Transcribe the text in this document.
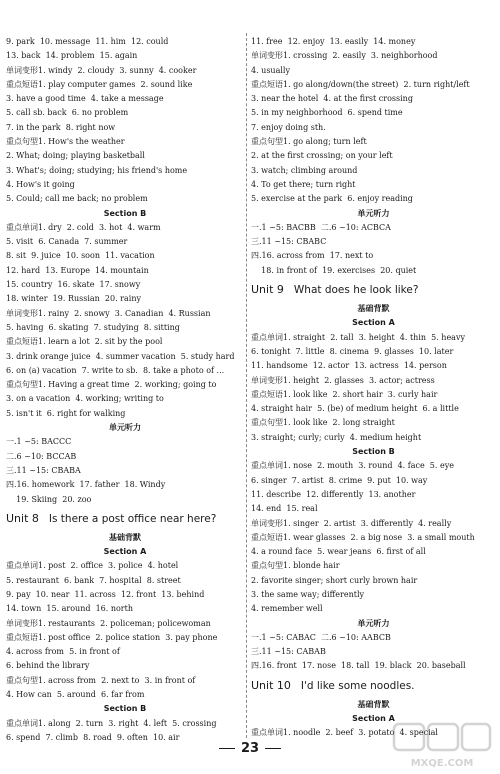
9. park  10. message  11. him  12. could
13. back  14. problem  15. again
单词变形1. windy  2. cloudy  3. sunny  4. cooker
重点短语1. play computer games  2. sound like
3. have a good time  4. take a message
5. call sb. back  6. no problem
7. in the park  8. right now
重点句型1. How's the weather
2. What; doing; playing basketball
3. What's; doing; studying; his friend's home
4. How's it going
5. Could; call me back; no problem
Section B
重点单词1. dry  2. cold  3. hot  4. warm
5. visit  6. Canada  7. summer
8. sit  9. juice  10. soon  11. vacation
12. hard  13. Europe  14. mountain
15. country  16. skate  17. snowy
18. winter  19. Russian  20. rainy
单词变形1. rainy  2. snowy  3. Canadian  4. Russian
5. having  6. skating  7. studying  8. sitting
重点短语1. learn a lot  2. sit by the pool
3. drink orange juice  4. summer vacation  5. study hard
6. on (a) vacation  7. write to sb.  8. take a photo of ...
重点句型1. Having a great time  2. working; going to
3. on a vacation  4. working; writing to
5. isn't it  6. right for walking
单元听力
一.1 ~5: BACCC
二.6 ~10: BCCAB
三.11 ~15: CBABA
四.16. homework  17. father  18. Windy
19. Skiing  20. zoo
Unit 8 Is there a post office near here?
基础背默
Section A
重点单词1. post  2. office  3. police  4. hotel
5. restaurant  6. bank  7. hospital  8. street
9. pay  10. near  11. across  12. front  13. behind
14. town  15. around  16. north
单词变形1. restaurants  2. policeman; policewoman
重点短语1. post office  2. police station  3. pay phone
4. across from  5. in front of
6. behind the library
重点句型1. across from  2. next to  3. in front of
4. How can  5. around  6. far from
Section B
重点单词1. along  2. turn  3. right  4. left  5. crossing
6. spend  7. climb  8. road  9. often  10. air
11. free  12. enjoy  13. easily  14. money
单词变形1. crossing  2. easily  3. neighborhood
4. usually
重点短语1. go along/down(the street)  2. turn right/left
3. near the hotel  4. at the first crossing
5. in my neighborhood  6. spend time
7. enjoy doing sth.
重点句型1. go along; turn left
2. at the first crossing; on your left
3. watch; climbing around
4. To get there; turn right
5. exercise at the park  6. enjoy reading
单元听力
一.1 ~5: BACBB  二.6 ~10: ACBCA
三.11 ~15: CBABC
四.16. across from  17. next to
18. in front of  19. exercises  20. quiet
Unit 9 What does he look like?
基础背默
Section A
重点单词1. straight  2. tall  3. height  4. thin  5. heavy
6. tonight  7. little  8. cinema  9. glasses  10. later
11. handsome  12. actor  13. actress  14. person
单词变形1. height  2. glasses  3. actor; actress
重点短语1. look like  2. short hair  3. curly hair
4. straight hair  5. (be) of medium height  6. a little
重点句型1. look like  2. long straight
3. straight; curly; curly  4. medium height
Section B
重点单词1. nose  2. mouth  3. round  4. face  5. eye
6. singer  7. artist  8. crime  9. put  10. way
11. describe  12. differently  13. another
14. end  15. real
单词变形1. singer  2. artist  3. differently  4. really
重点短语1. wear glasses  2. a big nose  3. a small mouth
4. a round face  5. wear jeans  6. first of all
重点句型1. blonde hair
2. favorite singer; short curly brown hair
3. the same way; differently
4. remember well
单元听力
一.1 ~5: CABAC  二.6 ~10: AABCB
三.11 ~15: CABAB
四.16. front  17. nose  18. tall  19. black  20. baseball
Unit 10 I'd like some noodles.
基础背默
Section A
重点单词1. noodle  2. beef  3. potato  4. special
23
MXQE.COM
